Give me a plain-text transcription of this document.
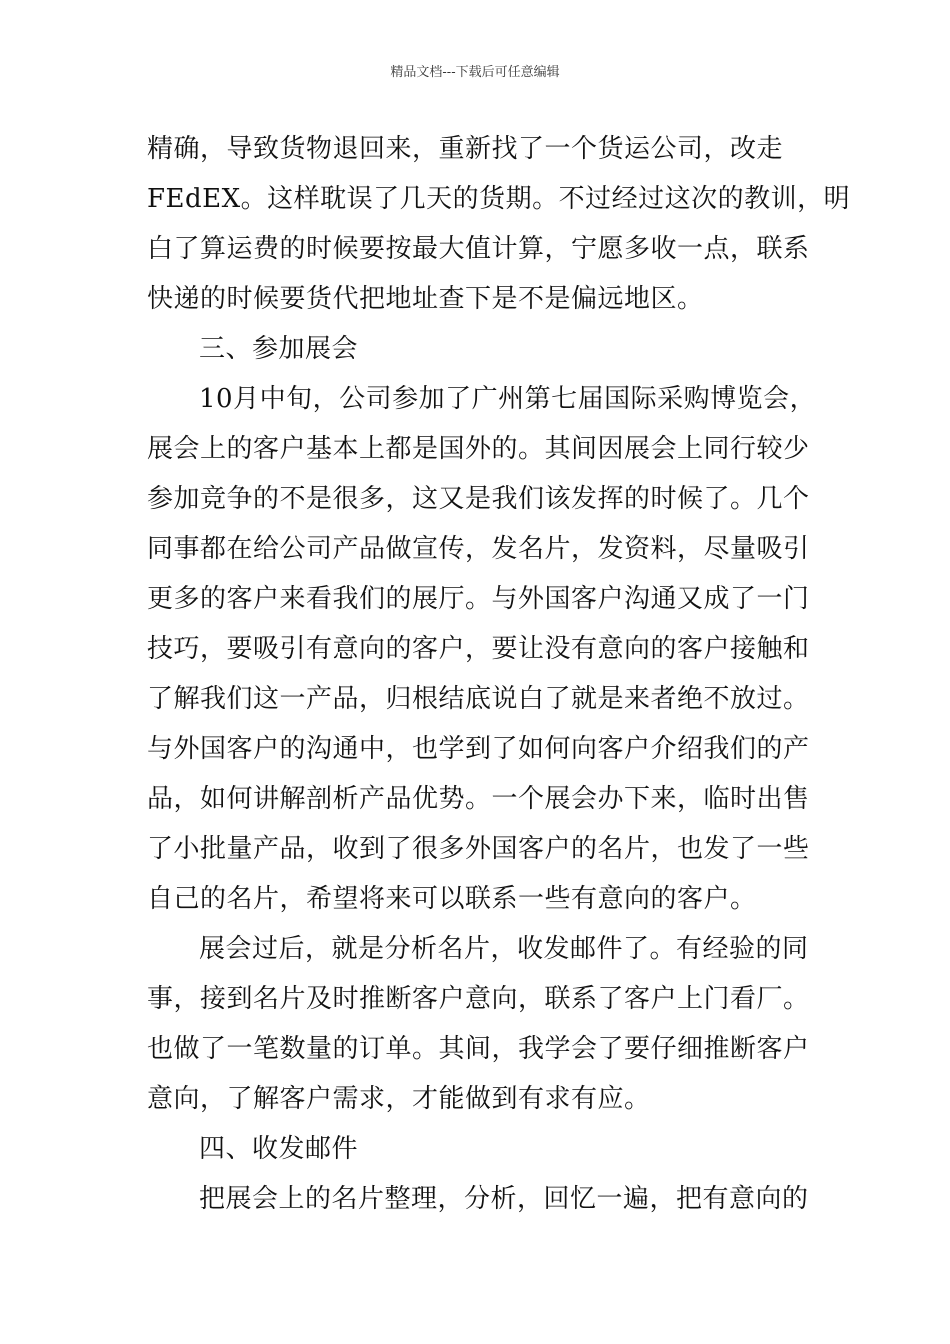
精品文档---下载后可任意编辑
精确，导致货物退回来，重新找了一个货运公司，改走
FEdEX。这样耽误了几天的货期。不过经过这次的教训，明
白了算运费的时候要按最大值计算，宁愿多收一点，联系
快递的时候要货代把地址查下是不是偏远地区。
三、参加展会
10月中旬，公司参加了广州第七届国际采购博览会，
展会上的客户基本上都是国外的。其间因展会上同行较少
参加竞争的不是很多，这又是我们该发挥的时候了。几个
同事都在给公司产品做宣传，发名片，发资料，尽量吸引
更多的客户来看我们的展厅。与外国客户沟通又成了一门
技巧，要吸引有意向的客户，要让没有意向的客户接触和
了解我们这一产品，归根结底说白了就是来者绝不放过。
与外国客户的沟通中，也学到了如何向客户介绍我们的产
品，如何讲解剖析产品优势。一个展会办下来，临时出售
了小批量产品，收到了很多外国客户的名片，也发了一些
自己的名片，希望将来可以联系一些有意向的客户。
展会过后，就是分析名片，收发邮件了。有经验的同
事，接到名片及时推断客户意向，联系了客户上门看厂。
也做了一笔数量的订单。其间，我学会了要仔细推断客户
意向，了解客户需求，才能做到有求有应。
四、收发邮件
把展会上的名片整理，分析，回忆一遍，把有意向的
